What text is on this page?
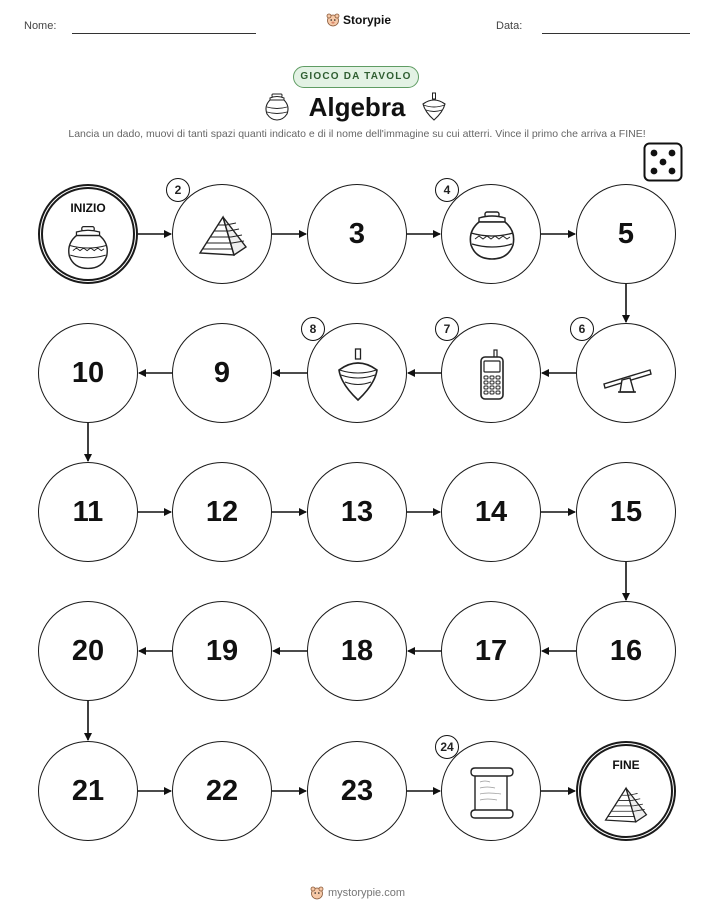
Nome:	Storypie	Data:
GIOCO DA TAVOLO
Algebra
Lancia un dado, muovi di tanti spazi quanti indicato e di il nome dell'immagine su cui atterri. Vince il primo che arriva a FINE!
INIZIO
2
3
4
5
6
7
8
9
10
11	12	13	14	15
16
17
18
19
20
21	22	23
24
FINE
mystorypie.com
